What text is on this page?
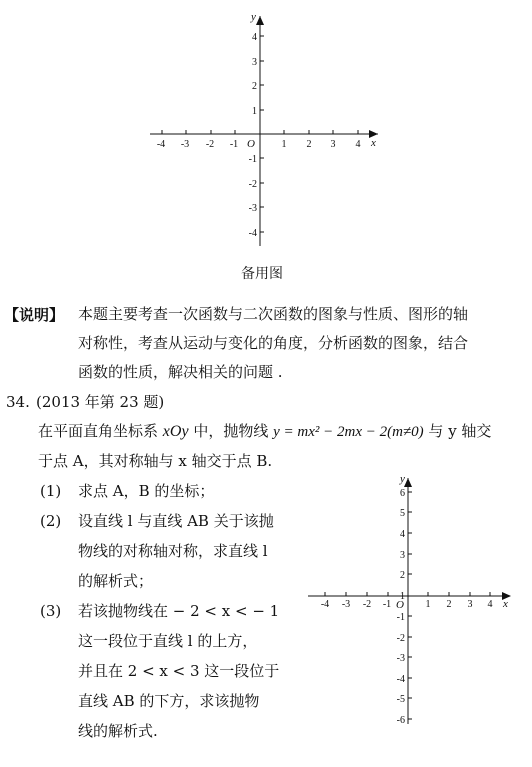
-4 -3 -2 -1	1 2 3 4
4
3
2
1
-1
-2
-3
-4
O	x
y
备用图
【说明】 本题主要考查一次函数与二次函数的图象与性质、图形的轴
对称性，考查从运动与变化的角度，分析函数的图象，结合
函数的性质，解决相关的问题 .
34. (2013 年第 23 题)
在平面直角坐标系 xOy 中，抛物线 y = mx² − 2mx − 2(m≠0) 与 y 轴交
于点 A，其对称轴与 x 轴交于点 B.
(1) 求点 A，B 的坐标；
(2) 设直线 l 与直线 AB 关于该抛
物线的对称轴对称，求直线 l
的解析式；
(3) 若该抛物线在 − 2 < x < − 1
这一段位于直线 l 的上方，
并且在 2 < x < 3 这一段位于
直线 AB 的下方，求该抛物
线的解析式.
-4 -3 -2 -1	1 2 3 4
6
5
4
3
2
1
-1
-2
-3
-4
-5
-6
O	x
y
